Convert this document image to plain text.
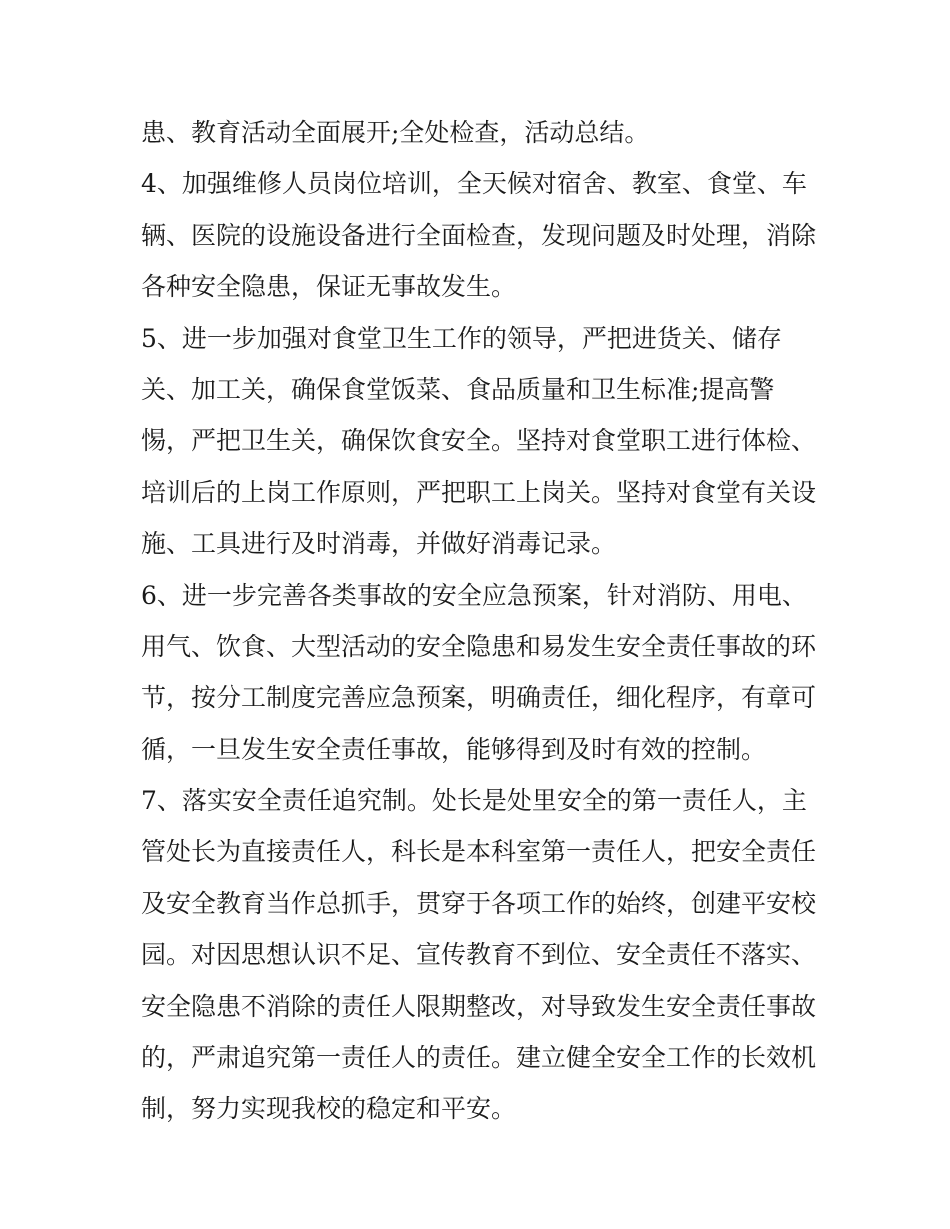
患、教育活动全面展开;全处检查，活动总结。
4、加强维修人员岗位培训，全天候对宿舍、教室、食堂、车
辆、医院的设施设备进行全面检查，发现问题及时处理，消除
各种安全隐患，保证无事故发生。
5、进一步加强对食堂卫生工作的领导，严把进货关、储存
关、加工关，确保食堂饭菜、食品质量和卫生标准;提高警
惕，严把卫生关，确保饮食安全。坚持对食堂职工进行体检、
培训后的上岗工作原则，严把职工上岗关。坚持对食堂有关设
施、工具进行及时消毒，并做好消毒记录。
6、进一步完善各类事故的安全应急预案，针对消防、用电、
用气、饮食、大型活动的安全隐患和易发生安全责任事故的环
节，按分工制度完善应急预案，明确责任，细化程序，有章可
循，一旦发生安全责任事故，能够得到及时有效的控制。
7、落实安全责任追究制。处长是处里安全的第一责任人，主
管处长为直接责任人，科长是本科室第一责任人，把安全责任
及安全教育当作总抓手，贯穿于各项工作的始终，创建平安校
园。对因思想认识不足、宣传教育不到位、安全责任不落实、
安全隐患不消除的责任人限期整改，对导致发生安全责任事故
的，严肃追究第一责任人的责任。建立健全安全工作的长效机
制，努力实现我校的稳定和平安。
